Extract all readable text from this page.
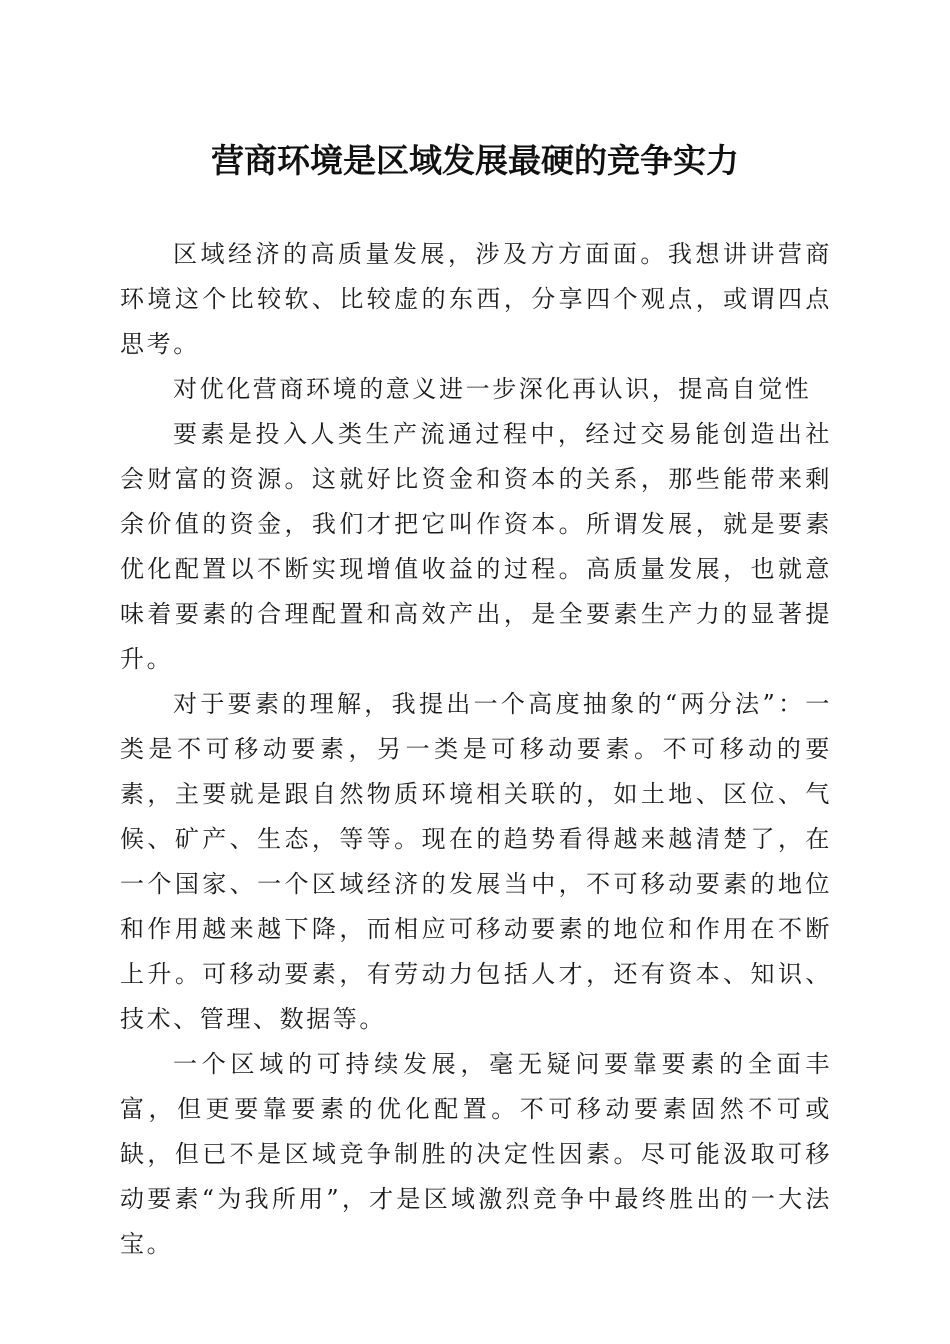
营商环境是区域发展最硬的竞争实力

区域经济的高质量发展，涉及方方面面。我想讲讲营商环境这个比较软、比较虚的东西，分享四个观点，或谓四点思考。

对优化营商环境的意义进一步深化再认识，提高自觉性

要素是投入人类生产流通过程中，经过交易能创造出社会财富的资源。这就好比资金和资本的关系，那些能带来剩余价值的资金，我们才把它叫作资本。所谓发展，就是要素优化配置以不断实现增值收益的过程。高质量发展，也就意味着要素的合理配置和高效产出，是全要素生产力的显著提升。

对于要素的理解，我提出一个高度抽象的“两分法”：一类是不可移动要素，另一类是可移动要素。不可移动的要素，主要就是跟自然物质环境相关联的，如土地、区位、气候、矿产、生态，等等。现在的趋势看得越来越清楚了，在一个国家、一个区域经济的发展当中，不可移动要素的地位和作用越来越下降，而相应可移动要素的地位和作用在不断上升。可移动要素，有劳动力包括人才，还有资本、知识、技术、管理、数据等。

一个区域的可持续发展，毫无疑问要靠要素的全面丰富，但更要靠要素的优化配置。不可移动要素固然不可或缺，但已不是区域竞争制胜的决定性因素。尽可能汲取可移动要素“为我所用”，才是区域激烈竞争中最终胜出的一大法宝。
